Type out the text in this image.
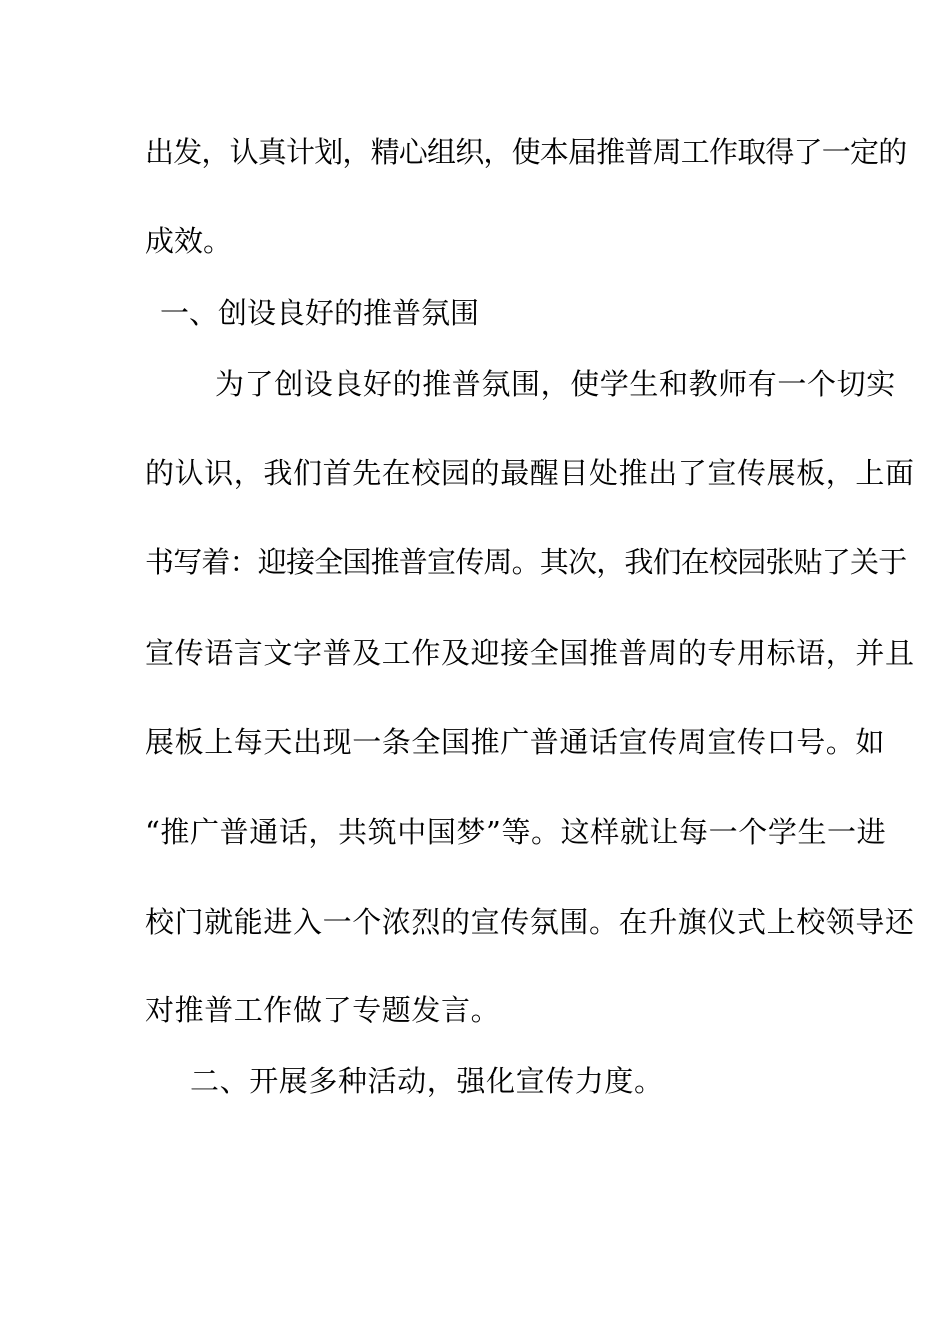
出发，认真计划，精心组织，使本届推普周工作取得了一定的
成效。
一、创设良好的推普氛围
为了创设良好的推普氛围，使学生和教师有一个切实
的认识，我们首先在校园的最醒目处推出了宣传展板，上面
书写着：迎接全国推普宣传周。其次，我们在校园张贴了关于
宣传语言文字普及工作及迎接全国推普周的专用标语，并且
展板上每天出现一条全国推广普通话宣传周宣传口号。如
“推广普通话，共筑中国梦”等。这样就让每一个学生一进
校门就能进入一个浓烈的宣传氛围。在升旗仪式上校领导还
对推普工作做了专题发言。
二、开展多种活动，强化宣传力度。
